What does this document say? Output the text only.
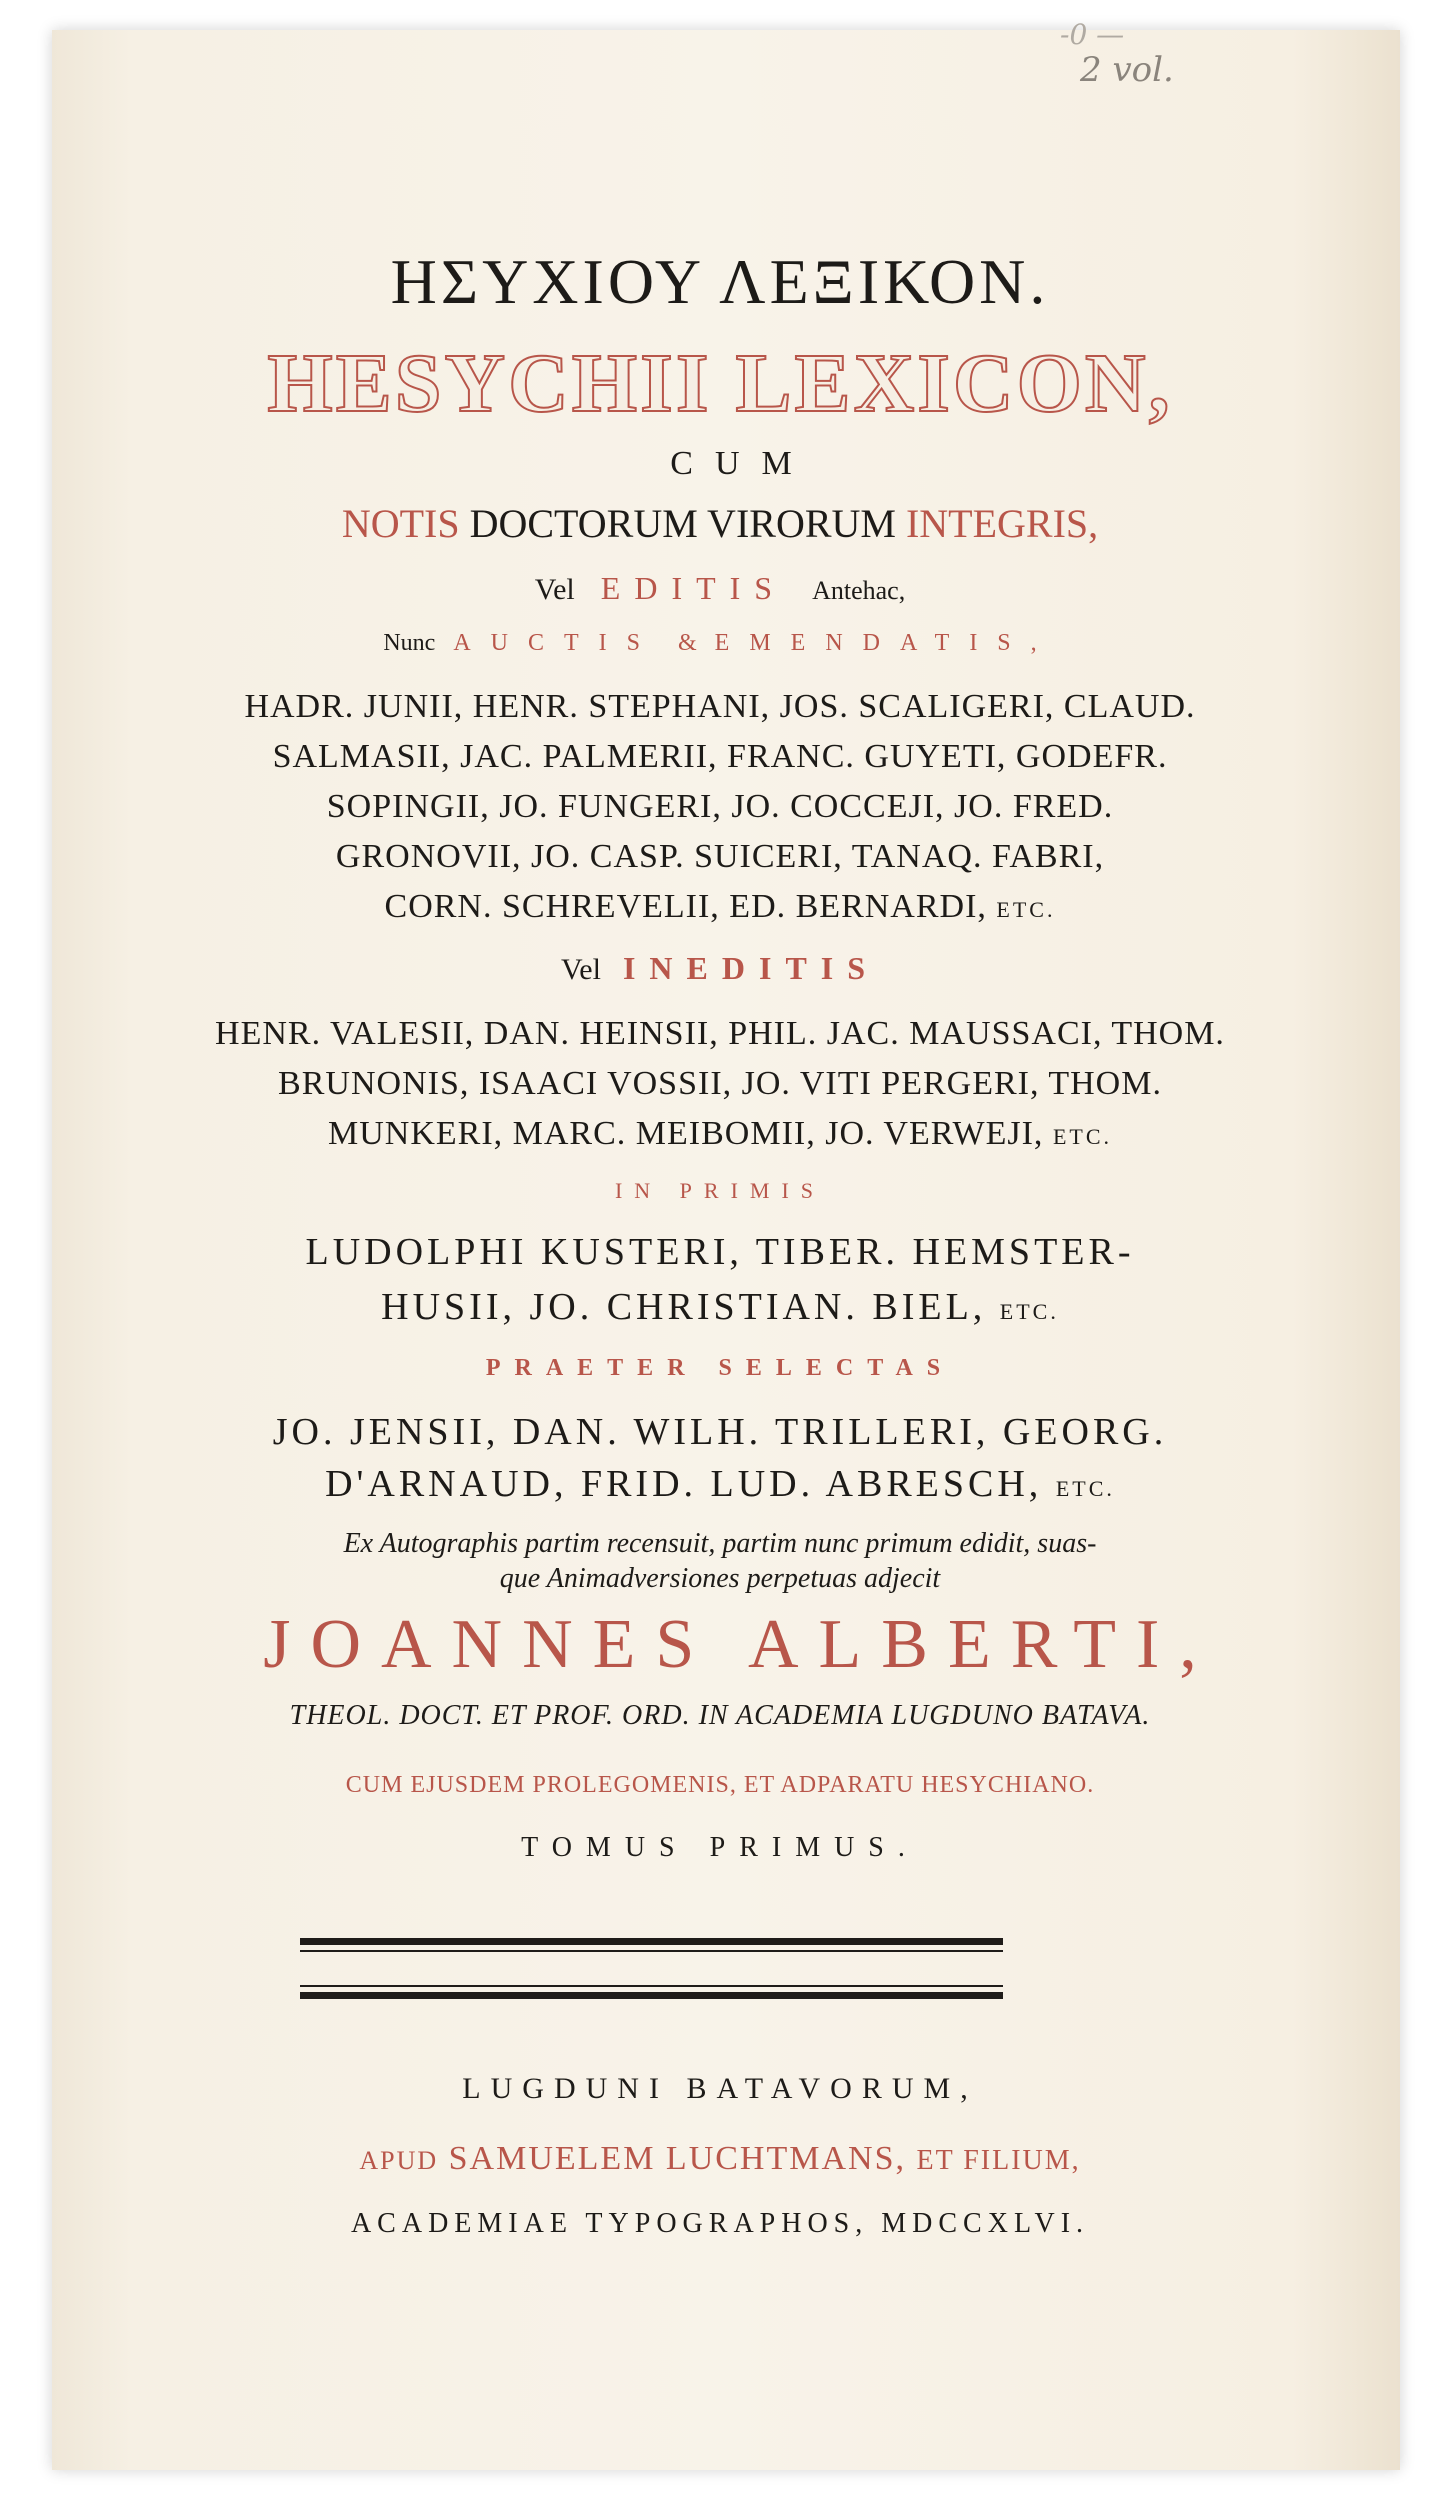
-0 —
2 vol.
ΗΣΥΧΙΟΥ ΛΕΞΙΚΟΝ.
HESYCHII LEXICON,
CUM
NOTIS DOCTORUM VIRORUM INTEGRIS,
Vel EDITIS Antehac,
Nunc AUCTIS & EMENDATIS,
HADR. JUNII, HENR. STEPHANI, JOS. SCALIGERI, CLAUD.
SALMASII, JAC. PALMERII, FRANC. GUYETI, GODEFR.
SOPINGII, JO. FUNGERI, JO. COCCEJI, JO. FRED.
GRONOVII, JO. CASP. SUICERI, TANAQ. FABRI,
CORN. SCHREVELII, ED. BERNARDI, ETC.
Vel INEDITIS
HENR. VALESII, DAN. HEINSII, PHIL. JAC. MAUSSACI, THOM.
BRUNONIS, ISAACI VOSSII, JO. VITI PERGERI, THOM.
MUNKERI, MARC. MEIBOMII, JO. VERWEJI, ETC.
IN PRIMIS
LUDOLPHI KUSTERI, TIBER. HEMSTER-
HUSII, JO. CHRISTIAN. BIEL, ETC.
PRAETER SELECTAS
JO. JENSII, DAN. WILH. TRILLERI, GEORG.
D'ARNAUD, FRID. LUD. ABRESCH, ETC.
Ex Autographis partim recensuit, partim nunc primum edidit, suas-
que Animadversiones perpetuas adjecit
JOANNES ALBERTI,
THEOL. DOCT. ET PROF. ORD. IN ACADEMIA LUGDUNO BATAVA.
CUM EJUSDEM PROLEGOMENIS, ET ADPARATU HESYCHIANO.
TOMUS PRIMUS.
LUGDUNI BATAVORUM,
APUD SAMUELEM LUCHTMANS, ET FILIUM,
ACADEMIAE TYPOGRAPHOS, MDCCXLVI.
